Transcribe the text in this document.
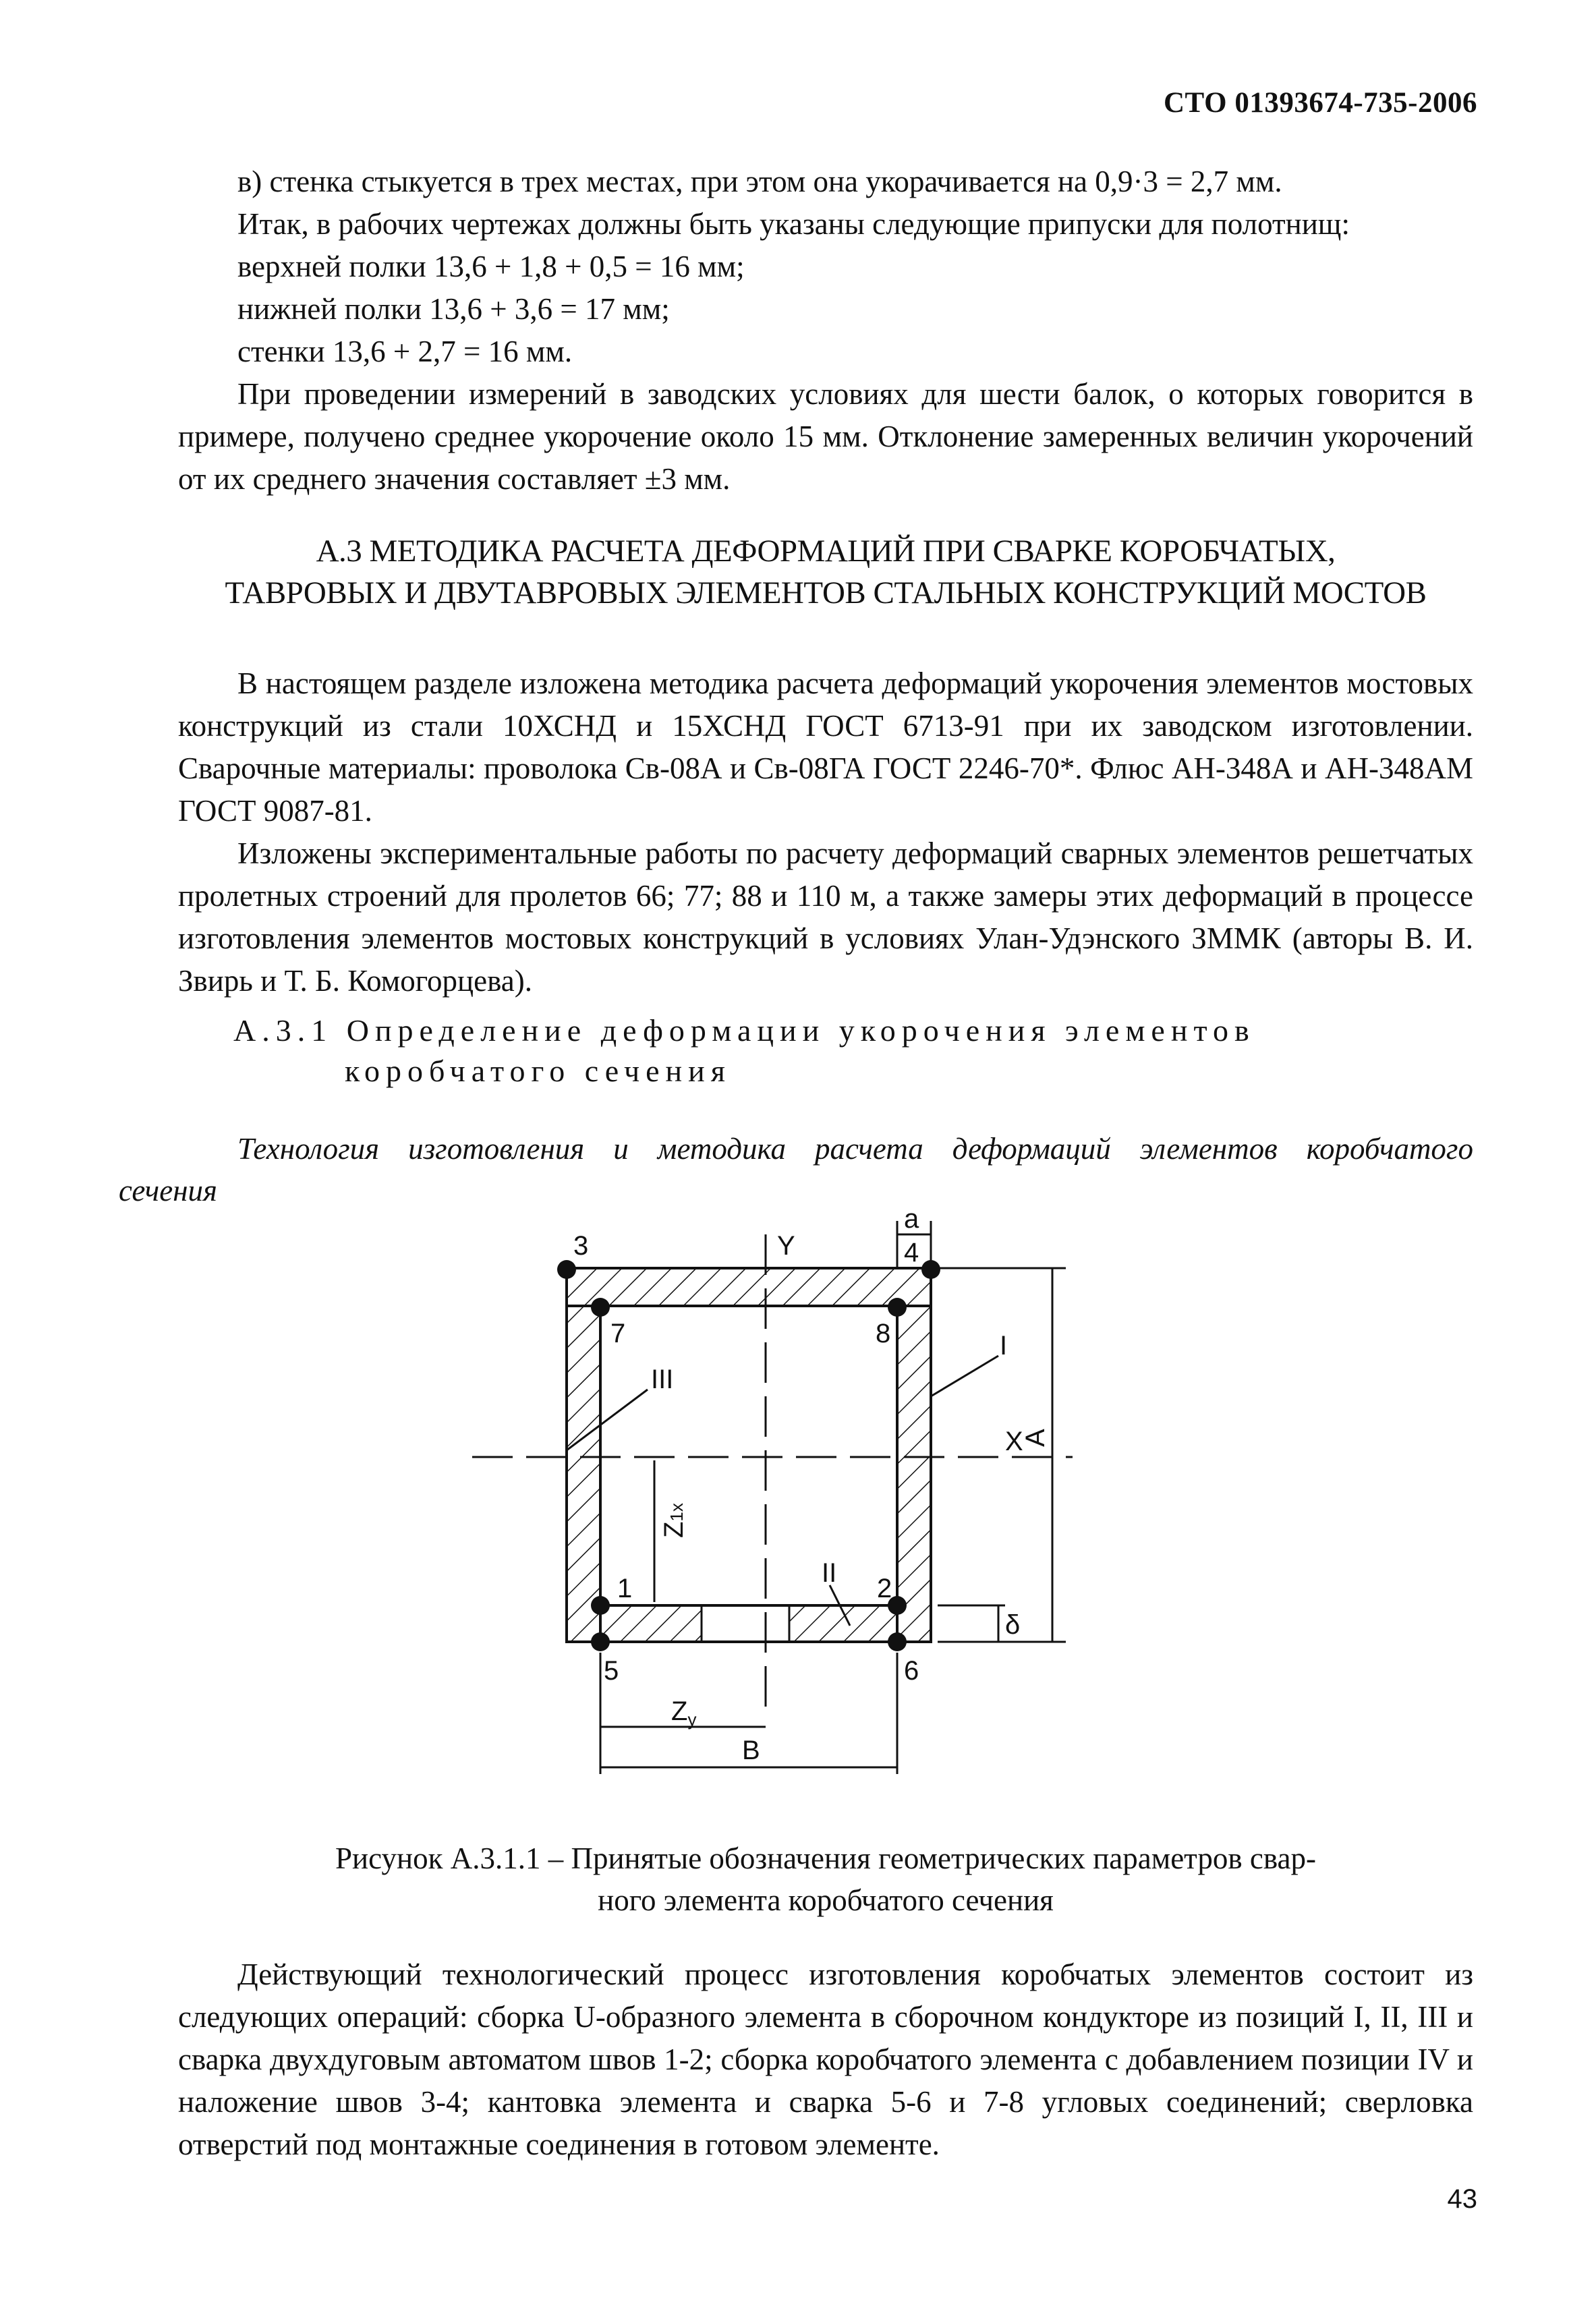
СТО 01393674-735-2006
в) стенка стыкуется в трех местах, при этом она укорачивается на 0,9·3 = 2,7 мм.
Итак, в рабочих чертежах должны быть указаны следующие припуски для полотнищ:
верхней полки 13,6 + 1,8 + 0,5 = 16 мм;
нижней полки 13,6 + 3,6 = 17 мм;
стенки 13,6 + 2,7 = 16 мм.

При проведении измерений в заводских условиях для шести балок, о которых говорится в примере, получено среднее укорочение около 15 мм. Отклонение замеренных величин укорочений от их среднего значения составляет ±3 мм.

А.3 МЕТОДИКА РАСЧЕТА ДЕФОРМАЦИЙ ПРИ СВАРКЕ КОРОБЧАТЫХ,
ТАВРОВЫХ И ДВУТАВРОВЫХ ЭЛЕМЕНТОВ СТАЛЬНЫХ КОНСТРУКЦИЙ МОСТОВ

В настоящем разделе изложена методика расчета деформаций укорочения элементов мостовых конструкций из стали 10ХСНД и 15ХСНД ГОСТ 6713-91 при их заводском изготовлении. Сварочные материалы: проволока Св-08А и Св-08ГА ГОСТ 2246-70*. Флюс АН-348А и АН-348АМ ГОСТ 9087-81.

Изложены экспериментальные работы по расчету деформаций сварных элементов решетчатых пролетных строений для пролетов 66; 77; 88 и 110 м, а также замеры этих деформаций в процессе изготовления элементов мостовых конструкций в условиях Улан-Удэнского ЗММК (авторы В. И. Звирь и Т. Б. Комогорцева).

А.3.1 Определение деформации укорочения элементов
коробчатого сечения
Технология изготовления и методика расчета деформаций элементов коробчатого
сечения
3	4
7	8
1	2
5	6
Y
X
III
I
II
Z1x
$Z_y$
B
A
a
δ
Рисунок А.3.1.1 – Принятые обозначения геометрических параметров свар-
ного элемента коробчатого сечения

Действующий технологический процесс изготовления коробчатых элементов состоит из следующих операций: сборка U-образного элемента в сборочном кондукторе из позиций I, II, III и сварка двухдуговым автоматом швов 1-2; сборка коробчатого элемента с добавлением позиции IV и наложение швов 3-4; кантовка элемента и сварка 5-6 и 7-8 угловых соединений; сверловка отверстий под монтажные соединения в готовом элементе.

43
